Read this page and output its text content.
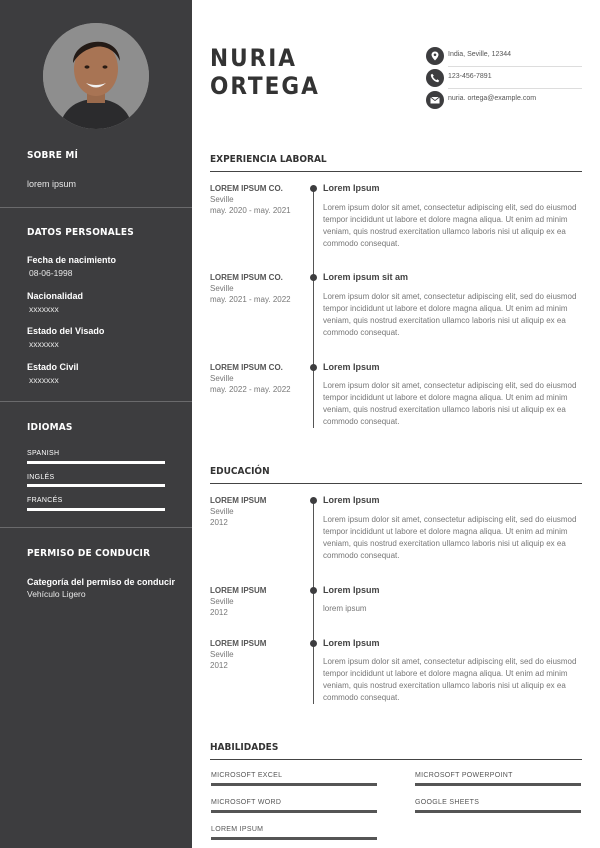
SOBRE MÍ
lorem ipsum
DATOS PERSONALES
Fecha de nacimiento
08-06-1998
Nacionalidad
xxxxxxx
Estado del Visado
xxxxxxx
Estado Civil
xxxxxxx
IDIOMAS
SPANISH
INGLÉS
FRANCÉS
PERMISO DE CONDUCIR
Categoría del permiso de conducir
Vehículo Ligero
NURIA
ORTEGA
India, Seville, 12344
123-456-7891
nuria. ortega@example.com
EXPERIENCIA LABORAL
LOREM IPSUM CO.
Seville
may. 2020 - may. 2021
Lorem Ipsum
Lorem ipsum dolor sit amet, consectetur adipiscing elit, sed do eiusmod tempor incididunt ut labore et dolore magna aliqua. Ut enim ad minim veniam, quis nostrud exercitation ullamco laboris nisi ut aliquip ex ea commodo consequat.
LOREM IPSUM CO.
Seville
may. 2021 - may. 2022
Lorem ipsum sit am
Lorem ipsum dolor sit amet, consectetur adipiscing elit, sed do eiusmod tempor incididunt ut labore et dolore magna aliqua. Ut enim ad minim veniam, quis nostrud exercitation ullamco laboris nisi ut aliquip ex ea commodo consequat.
LOREM IPSUM CO.
Seville
may. 2022 - may. 2022
Lorem Ipsum
Lorem ipsum dolor sit amet, consectetur adipiscing elit, sed do eiusmod tempor incididunt ut labore et dolore magna aliqua. Ut enim ad minim veniam, quis nostrud exercitation ullamco laboris nisi ut aliquip ex ea commodo consequat.
EDUCACIÓN
LOREM IPSUM
Seville
2012
Lorem Ipsum
Lorem ipsum dolor sit amet, consectetur adipiscing elit, sed do eiusmod tempor incididunt ut labore et dolore magna aliqua. Ut enim ad minim veniam, quis nostrud exercitation ullamco laboris nisi ut aliquip ex ea commodo consequat.
LOREM IPSUM
Seville
2012
Lorem Ipsum
lorem ipsum
LOREM IPSUM
Seville
2012
Lorem Ipsum
Lorem ipsum dolor sit amet, consectetur adipiscing elit, sed do eiusmod tempor incididunt ut labore et dolore magna aliqua. Ut enim ad minim veniam, quis nostrud exercitation ullamco laboris nisi ut aliquip ex ea commodo consequat.
HABILIDADES
MICROSOFT EXCEL	MICROSOFT POWERPOINT
MICROSOFT WORD	GOOGLE SHEETS
LOREM IPSUM
